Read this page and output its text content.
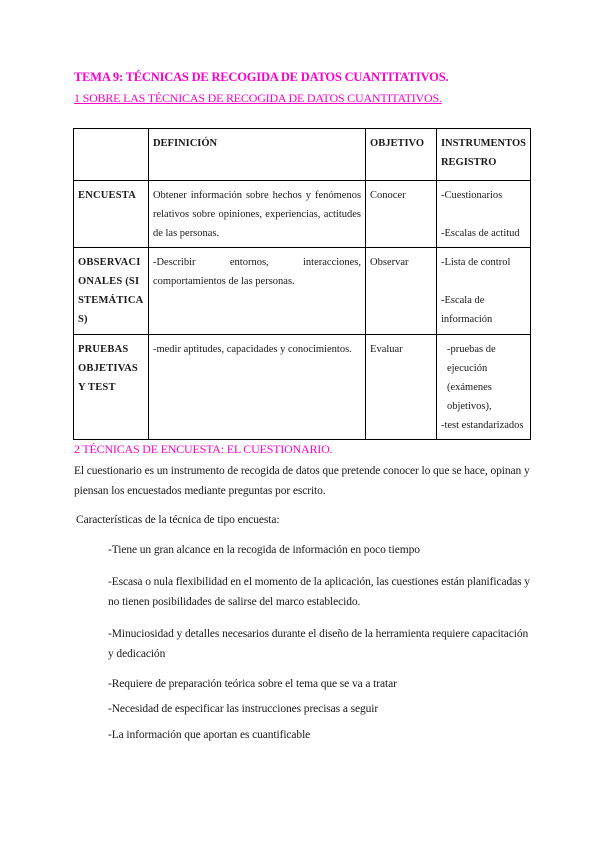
TEMA 9: TÉCNICAS DE RECOGIDA DE DATOS CUANTITATIVOS.
1 SOBRE LAS TÉCNICAS DE RECOGIDA DE DATOS CUANTITATIVOS.
	DEFINICIÓN	OBJETIVO	INSTRUMENTOS REGISTRO
ENCUESTA	Obtener información sobre hechos y fenómenos relativos sobre opiniones, experiencias, actitudes de las personas.	Conocer	-Cuestionarios
-Escalas de actitud

OBSERVACIONALES (SISTEMÁTICAS)	-Describir entornos, interacciones, comportamientos de las personas.	Observar	-Lista de control
-Escala de información

PRUEBAS OBJETIVAS Y TEST	-medir aptitudes, capacidades y conocimientos.	Evaluar	-pruebas de ejecución (exámenes objetivos),
-test estandarizados
2 TÉCNICAS DE ENCUESTA: EL CUESTIONARIO.
El cuestionario es un instrumento de recogida de datos que pretende conocer lo que se hace, opinan y piensan los encuestados mediante preguntas por escrito.
Características de la técnica de tipo encuesta:
-Tiene un gran alcance en la recogida de información en poco tiempo
-Escasa o nula flexibilidad en el momento de la aplicación, las cuestiones están planificadas y no tienen posibilidades de salirse del marco establecido.
-Minuciosidad y detalles necesarios durante el diseño de la herramienta requiere capacitación y dedicación
-Requiere de preparación teórica sobre el tema que se va a tratar
-Necesidad de especificar las instrucciones precisas a seguir
-La información que aportan es cuantificable
